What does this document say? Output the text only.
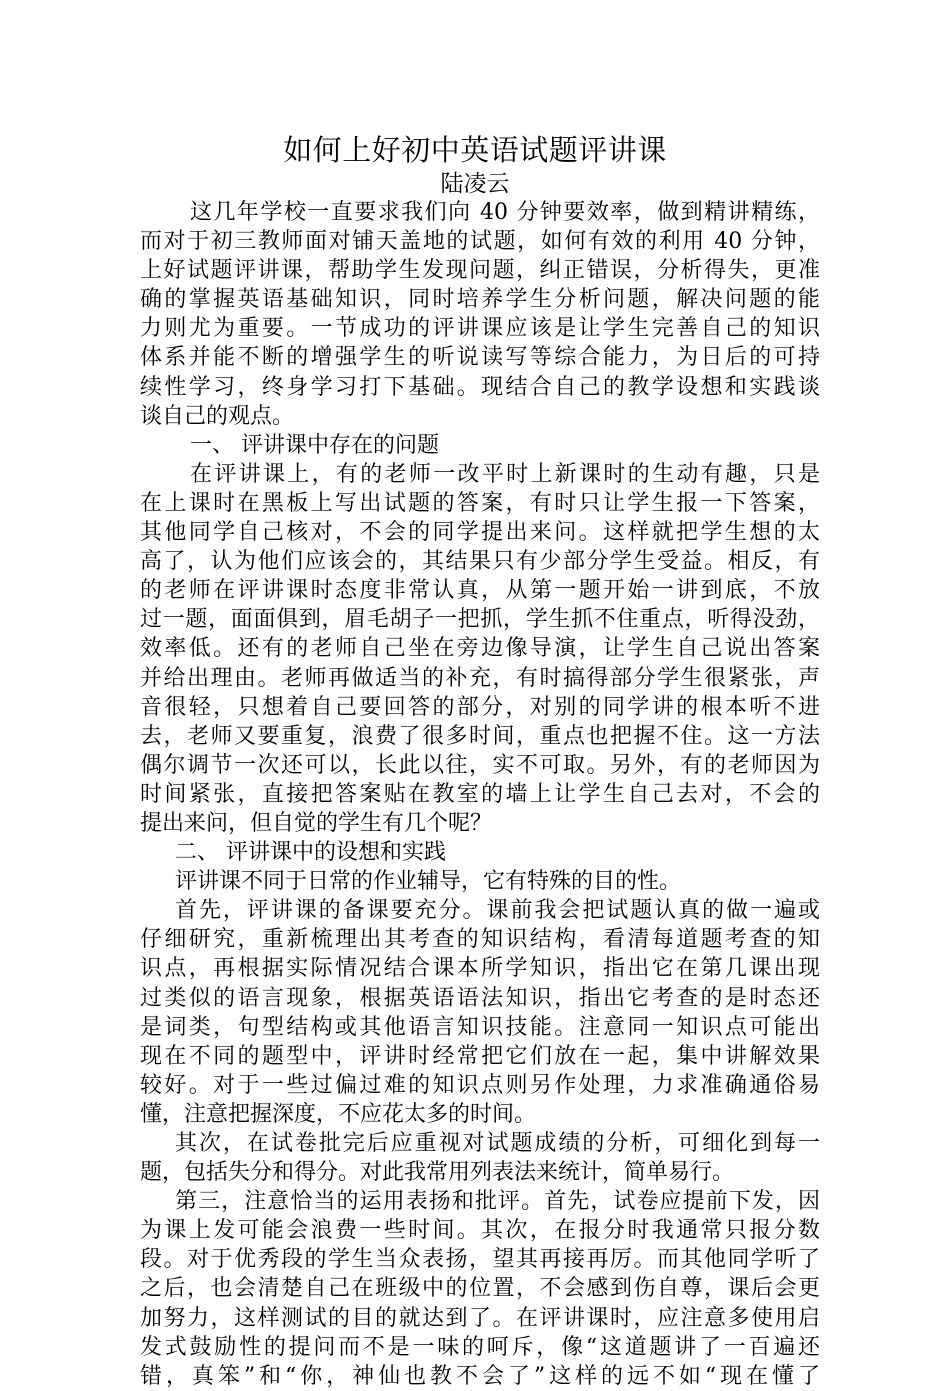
如何上好初中英语试题评讲课
陆凌云
这几年学校一直要求我们向 40 分钟要效率，做到精讲精练，
而对于初三教师面对铺天盖地的试题，如何有效的利用 40 分钟，
上好试题评讲课，帮助学生发现问题，纠正错误，分析得失，更准
确的掌握英语基础知识，同时培养学生分析问题，解决问题的能
力则尤为重要。一节成功的评讲课应该是让学生完善自己的知识
体系并能不断的增强学生的听说读写等综合能力，为日后的可持
续性学习，终身学习打下基础。现结合自己的教学设想和实践谈
谈自己的观点。
一、 评讲课中存在的问题
在评讲课上，有的老师一改平时上新课时的生动有趣，只是
在上课时在黑板上写出试题的答案，有时只让学生报一下答案，
其他同学自己核对，不会的同学提出来问。这样就把学生想的太
高了，认为他们应该会的，其结果只有少部分学生受益。相反，有
的老师在评讲课时态度非常认真，从第一题开始一讲到底，不放
过一题，面面俱到，眉毛胡子一把抓，学生抓不住重点，听得没劲，
效率低。还有的老师自己坐在旁边像导演，让学生自己说出答案
并给出理由。老师再做适当的补充，有时搞得部分学生很紧张，声
音很轻，只想着自己要回答的部分，对别的同学讲的根本听不进
去，老师又要重复，浪费了很多时间，重点也把握不住。这一方法
偶尔调节一次还可以，长此以往，实不可取。另外，有的老师因为
时间紧张，直接把答案贴在教室的墙上让学生自己去对，不会的
提出来问，但自觉的学生有几个呢？
二、 评讲课中的设想和实践
评讲课不同于日常的作业辅导，它有特殊的目的性。
首先，评讲课的备课要充分。课前我会把试题认真的做一遍或
仔细研究，重新梳理出其考查的知识结构，看清每道题考查的知
识点，再根据实际情况结合课本所学知识，指出它在第几课出现
过类似的语言现象，根据英语语法知识，指出它考查的是时态还
是词类，句型结构或其他语言知识技能。注意同一知识点可能出
现在不同的题型中，评讲时经常把它们放在一起，集中讲解效果
较好。对于一些过偏过难的知识点则另作处理，力求准确通俗易
懂，注意把握深度，不应花太多的时间。
其次，在试卷批完后应重视对试题成绩的分析，可细化到每一
题，包括失分和得分。对此我常用列表法来统计，简单易行。
第三，注意恰当的运用表扬和批评。首先，试卷应提前下发，因
为课上发可能会浪费一些时间。其次，在报分时我通常只报分数
段。对于优秀段的学生当众表扬，望其再接再厉。而其他同学听了
之后，也会清楚自己在班级中的位置，不会感到伤自尊，课后会更
加努力，这样测试的目的就达到了。在评讲课时，应注意多使用启
发式鼓励性的提问而不是一味的呵斥，像“这道题讲了一百遍还
错，真笨”和“你，神仙也教不会了”这样的远不如“现在懂了
